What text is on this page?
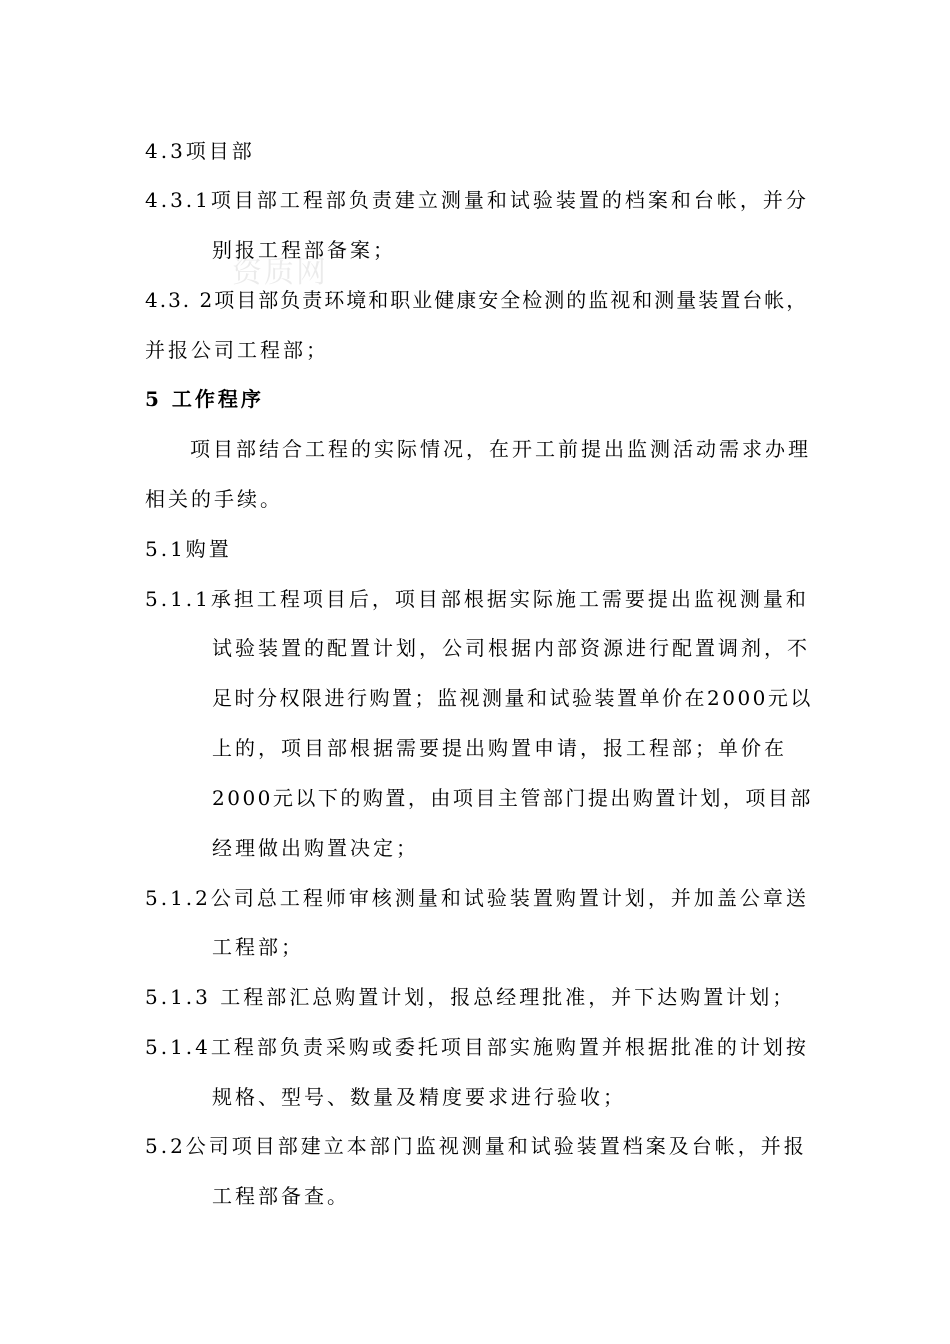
资质网
4.3项目部
4.3.1项目部工程部负责建立测量和试验装置的档案和台帐，并分
别报工程部备案；
4.3. 2项目部负责环境和职业健康安全检测的监视和测量装置台帐，
并报公司工程部；
5 工作程序
项目部结合工程的实际情况，在开工前提出监测活动需求办理
相关的手续。
5.1购置
5.1.1承担工程项目后，项目部根据实际施工需要提出监视测量和
试验装置的配置计划，公司根据内部资源进行配置调剂，不
足时分权限进行购置；监视测量和试验装置单价在2000元以
上的，项目部根据需要提出购置申请，报工程部；单价在
2000元以下的购置，由项目主管部门提出购置计划，项目部
经理做出购置决定；
5.1.2公司总工程师审核测量和试验装置购置计划，并加盖公章送
工程部；
5.1.3 工程部汇总购置计划，报总经理批准，并下达购置计划；
5.1.4工程部负责采购或委托项目部实施购置并根据批准的计划按
规格、型号、数量及精度要求进行验收；
5.2公司项目部建立本部门监视测量和试验装置档案及台帐，并报
工程部备查。
